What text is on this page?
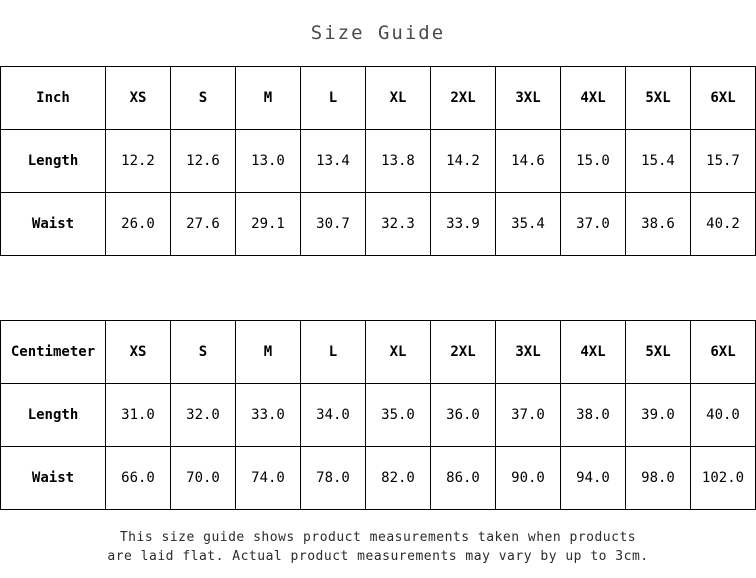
Size Guide
Inch	XS	S	M	L	XL	2XL	3XL	4XL	5XL	6XL
Length	12.2	12.6	13.0	13.4	13.8	14.2	14.6	15.0	15.4	15.7
Waist	26.0	27.6	29.1	30.7	32.3	33.9	35.4	37.0	38.6	40.2
Centimeter	XS	S	M	L	XL	2XL	3XL	4XL	5XL	6XL
Length	31.0	32.0	33.0	34.0	35.0	36.0	37.0	38.0	39.0	40.0
Waist	66.0	70.0	74.0	78.0	82.0	86.0	90.0	94.0	98.0	102.0
This size guide shows product measurements taken when products
are laid flat. Actual product measurements may vary by up to 3cm.
